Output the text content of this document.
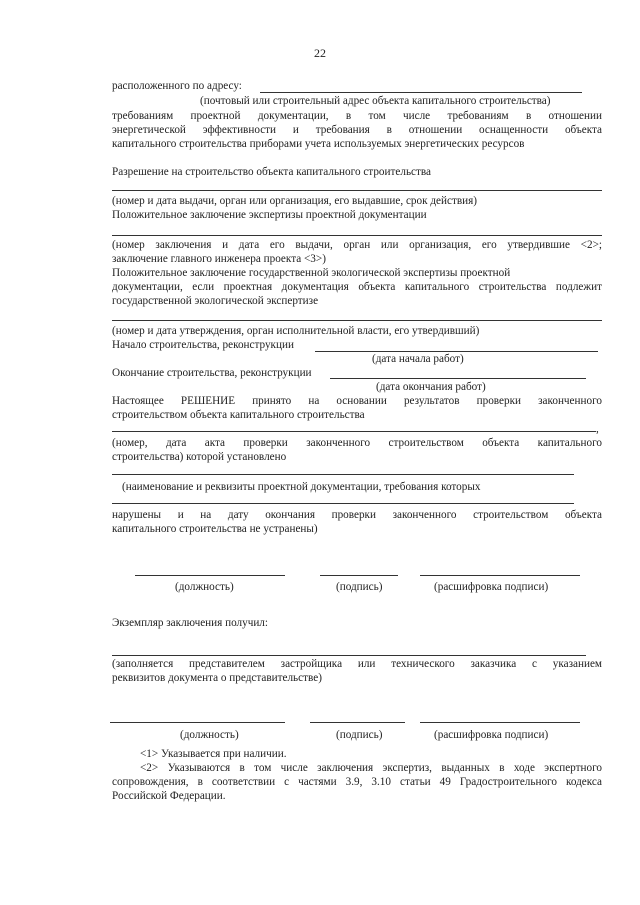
22
расположенного по адресу:
(почтовый или строительный адрес объекта капитального строительства)
требованиям проектной документации, в том числе требованиям в отношении
энергетической эффективности и требования в отношении оснащенности объекта
капитального строительства приборами учета используемых энергетических ресурсов
Разрешение на строительство объекта капитального строительства
(номер и дата выдачи, орган или организация, его выдавшие, срок действия)
Положительное заключение экспертизы проектной документации
(номер заключения и дата его выдачи, орган или организация, его утвердившие <2>;
заключение главного инженера проекта <3>)
Положительное заключение государственной экологической экспертизы проектной
документации, если проектная документация объекта капитального строительства подлежит
государственной экологической экспертизе
(номер и дата утверждения, орган исполнительной власти, его утвердивший)
Начало строительства, реконструкции
(дата начала работ)
Окончание строительства, реконструкции
(дата окончания работ)
Настоящее РЕШЕНИЕ принято на основании результатов проверки законченного
строительством объекта капитального строительства
,
(номер, дата акта проверки законченного строительством объекта капитального
строительства) которой установлено
(наименование и реквизиты проектной документации, требования которых
нарушены и на дату окончания проверки законченного строительством объекта
капитального строительства не устранены)
(должность)	(подпись)	(расшифровка подписи)
Экземпляр заключения получил:
(заполняется представителем застройщика или технического заказчика с указанием
реквизитов документа о представительстве)
(должность)	(подпись)	(расшифровка подписи)
<1> Указывается при наличии.
<2> Указываются в том числе заключения экспертиз, выданных в ходе экспертного
сопровождения, в соответствии с частями 3.9, 3.10 статьи 49 Градостроительного кодекса
Российской Федерации.
